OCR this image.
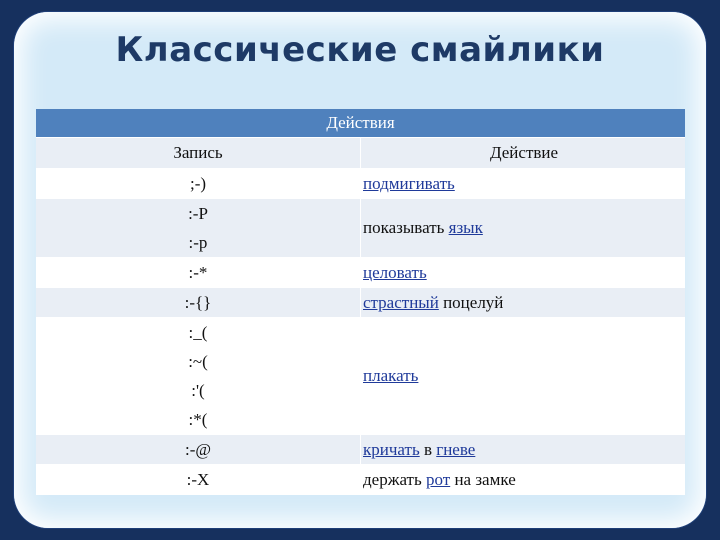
Классические смайлики
Действия	
Запись	Действие

;-)	подмигивать

:-P
:-p	показывать язык

:-*	целовать

:-{}	страстный поцелуй

:_(
:~(
:'(
:*(	плакать

:-@	кричать в гневе

:-X	держать рот на замке
